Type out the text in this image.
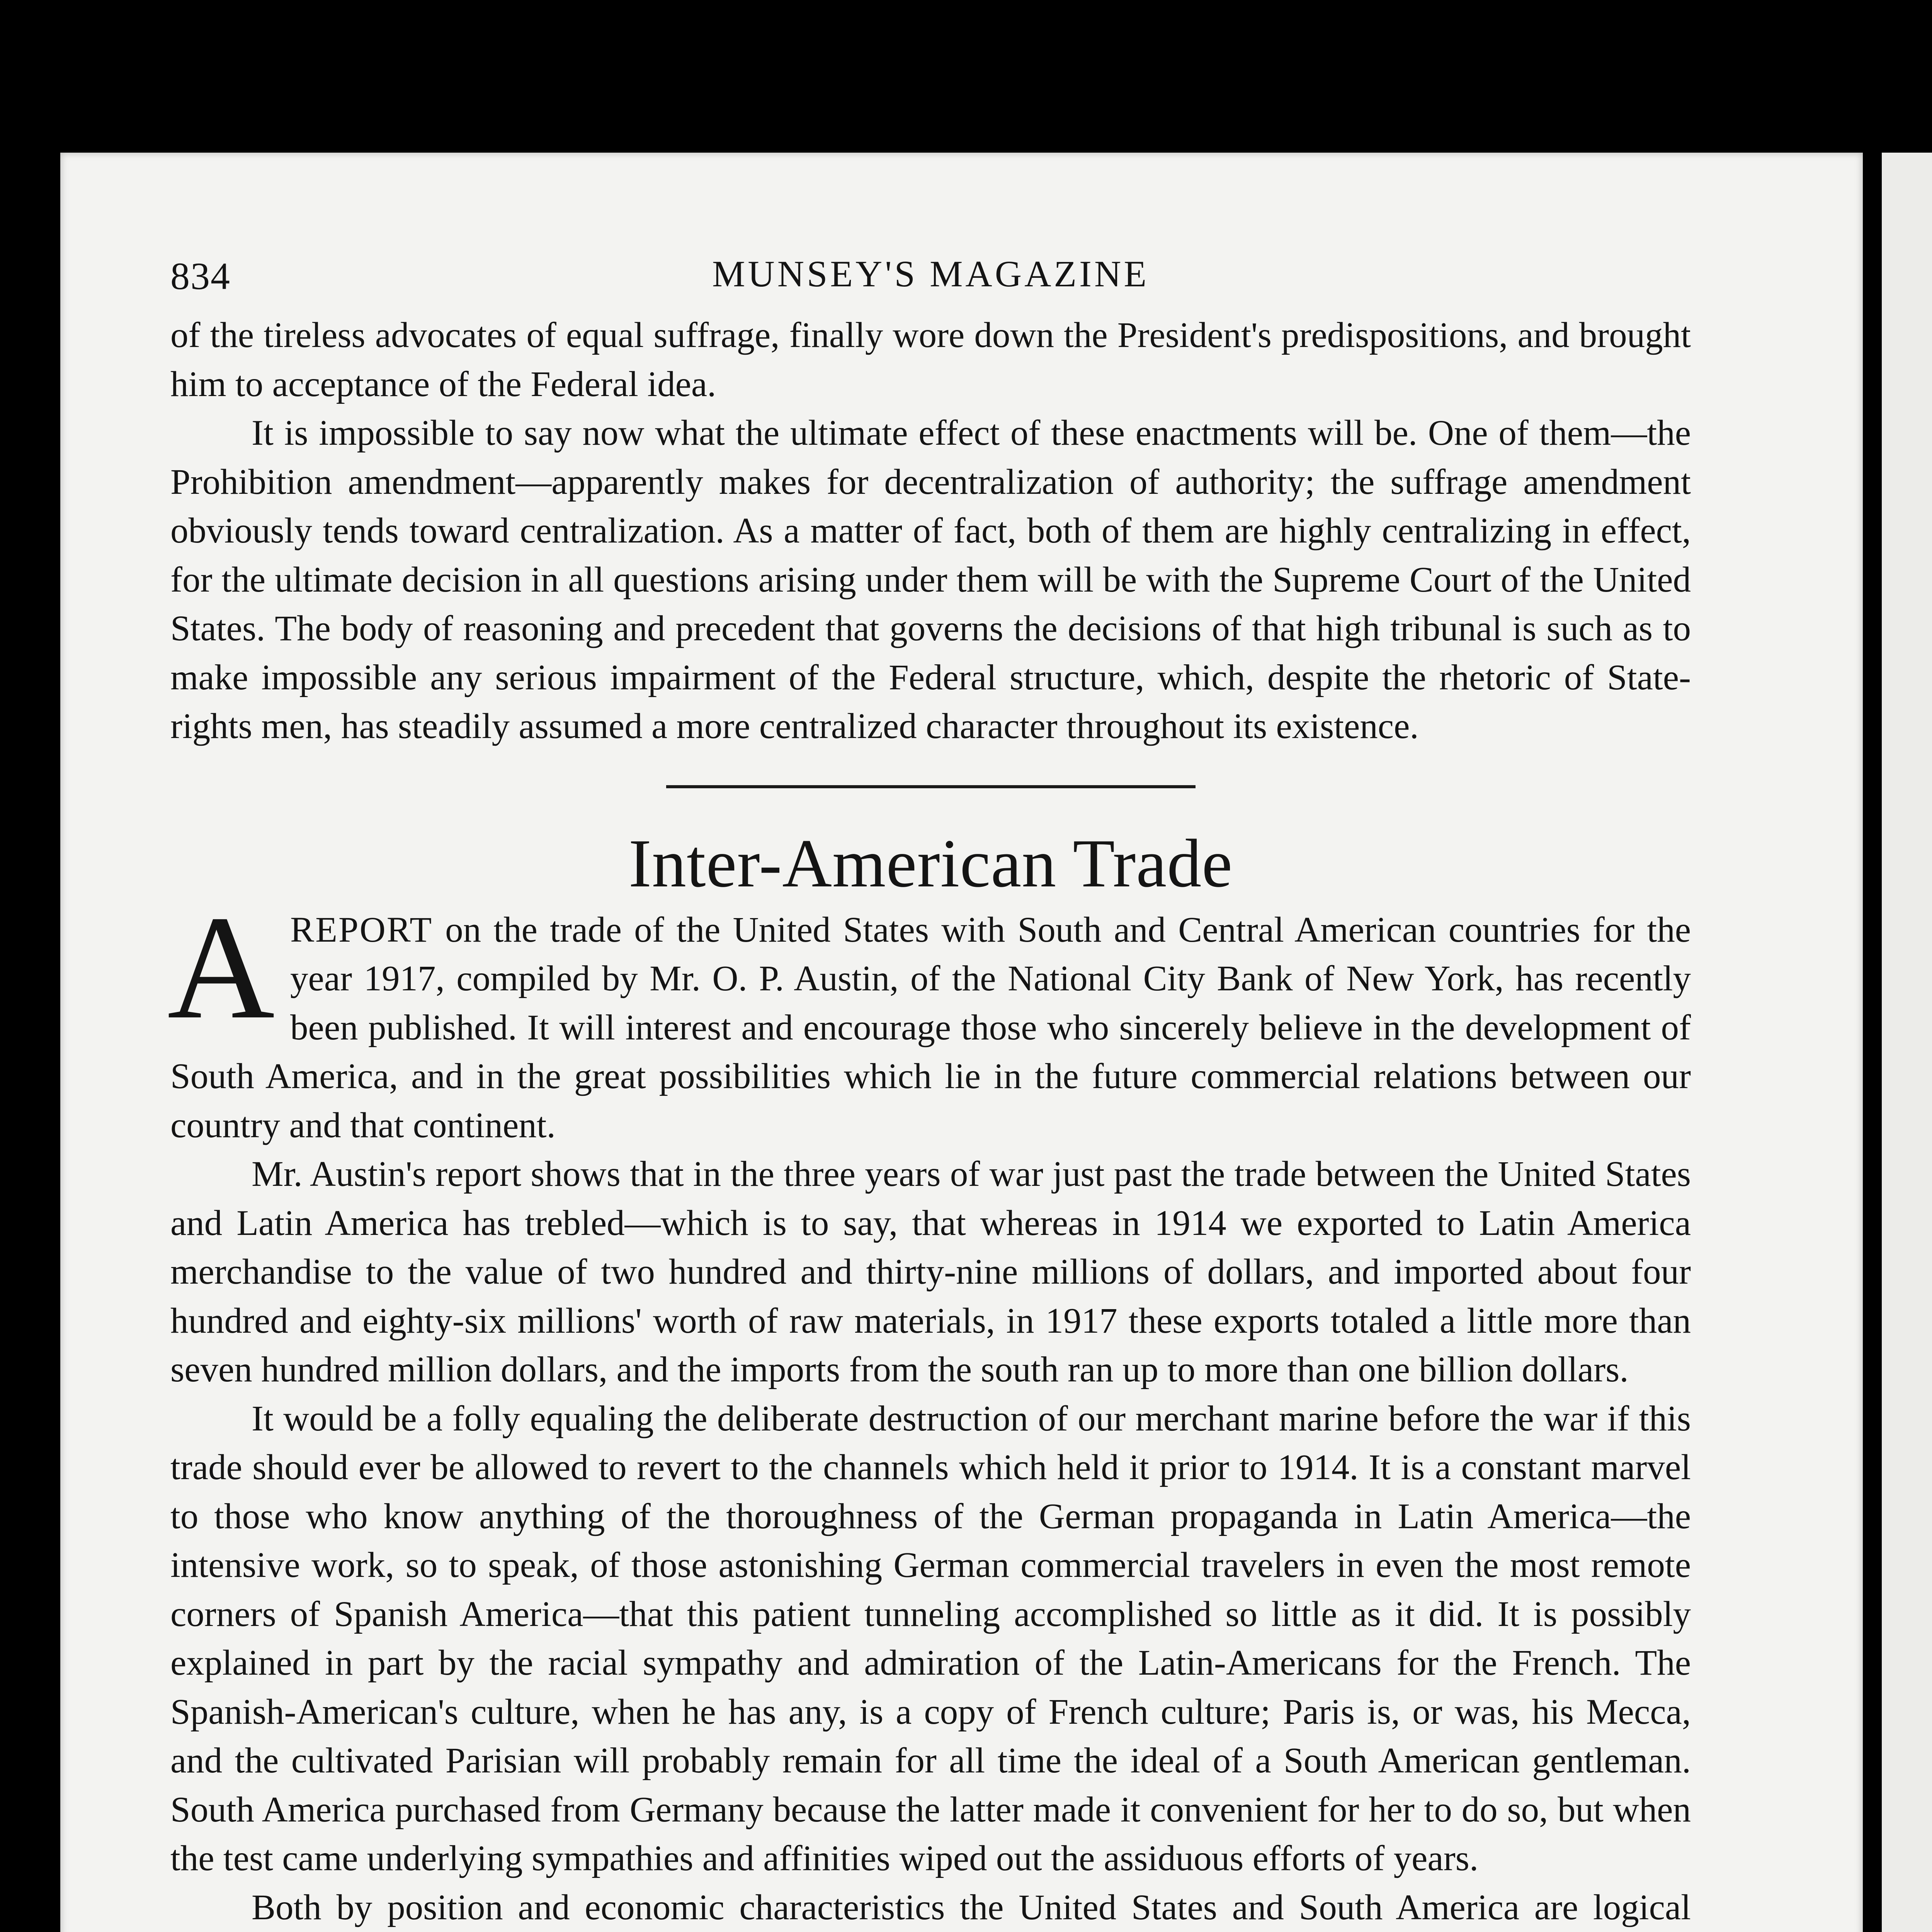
834	MUNSEY'S MAGAZINE

of the tireless advocates of equal suffrage, finally wore down the President's predispositions, and brought him to acceptance of the Federal idea.

It is impossible to say now what the ultimate effect of these enactments will be. One of them—the Prohibition amendment—apparently makes for decentralization of authority; the suffrage amendment obviously tends toward centralization. As a matter of fact, both of them are highly centralizing in effect, for the ultimate decision in all questions arising under them will be with the Supreme Court of the United States. The body of reasoning and precedent that governs the decisions of that high tribunal is such as to make impossible any serious impairment of the Federal structure, which, despite the rhetoric of State-rights men, has steadily assumed a more centralized character throughout its existence.

Inter-American Trade

AREPORT on the trade of the United States with South and Central American countries for the year 1917, compiled by Mr. O. P. Austin, of the National City Bank of New York, has recently been published. It will interest and encourage those who sincerely believe in the development of South America, and in the great possibilities which lie in the future commercial relations between our country and that continent.

Mr. Austin's report shows that in the three years of war just past the trade between the United States and Latin America has trebled—which is to say, that whereas in 1914 we exported to Latin America merchandise to the value of two hundred and thirty-nine millions of dollars, and imported about four hundred and eighty-six millions' worth of raw materials, in 1917 these exports totaled a little more than seven hundred million dollars, and the imports from the south ran up to more than one billion dollars.

It would be a folly equaling the deliberate destruction of our merchant marine before the war if this trade should ever be allowed to revert to the channels which held it prior to 1914. It is a constant marvel to those who know anything of the thoroughness of the German propaganda in Latin America—the intensive work, so to speak, of those astonishing German commercial travelers in even the most remote corners of Spanish America—that this patient tunneling accomplished so little as it did. It is possibly explained in part by the racial sympathy and admiration of the Latin-Americans for the French. The Spanish-American's culture, when he has any, is a copy of French culture; Paris is, or was, his Mecca, and the cultivated Parisian will probably remain for all time the ideal of a South American gentleman. South America purchased from Germany because the latter made it convenient for her to do so, but when the test came underlying sympathies and affinities wiped out the assiduous efforts of years.

Both by position and economic characteristics the United States and South America are logical
